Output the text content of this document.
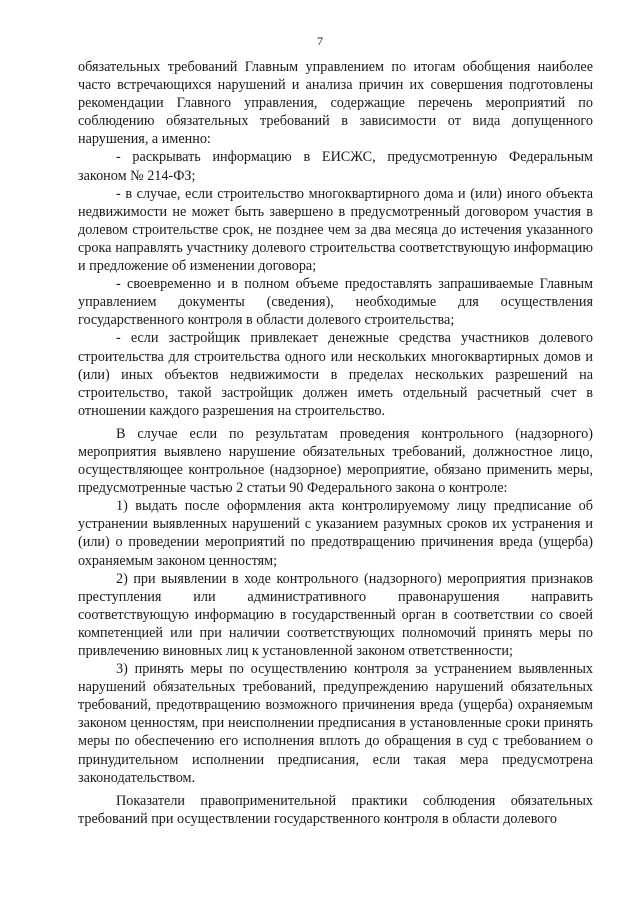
7

обязательных требований Главным управлением по итогам обобщения наиболее часто встречающихся нарушений и анализа причин их совершения подготовлены рекомендации Главного управления, содержащие перечень мероприятий по соблюдению обязательных требований в зависимости от вида допущенного нарушения, а именно:

- раскрывать информацию в ЕИСЖС, предусмотренную Федеральным законом № 214-ФЗ;

- в случае, если строительство многоквартирного дома и (или) иного объекта недвижимости не может быть завершено в предусмотренный договором участия в долевом строительстве срок, не позднее чем за два месяца до истечения указанного срока направлять участнику долевого строительства соответствующую информацию и предложение об изменении договора;

- своевременно и в полном объеме предоставлять запрашиваемые Главным управлением документы (сведения), необходимые для осуществления государственного контроля в области долевого строительства;

- если застройщик привлекает денежные средства участников долевого строительства для строительства одного или нескольких многоквартирных домов и (или) иных объектов недвижимости в пределах нескольких разрешений на строительство, такой застройщик должен иметь отдельный расчетный счет в отношении каждого разрешения на строительство.

В случае если по результатам проведения контрольного (надзорного) мероприятия выявлено нарушение обязательных требований, должностное лицо, осуществляющее контрольное (надзорное) мероприятие, обязано применить меры, предусмотренные частью 2 статьи 90 Федерального закона о контроле:

1) выдать после оформления акта контролируемому лицу предписание об устранении выявленных нарушений с указанием разумных сроков их устранения и (или) о проведении мероприятий по предотвращению причинения вреда (ущерба) охраняемым законом ценностям;

2) при выявлении в ходе контрольного (надзорного) мероприятия признаков преступления или административного правонарушения направить соответствующую информацию в государственный орган в соответствии со своей компетенцией или при наличии соответствующих полномочий принять меры по привлечению виновных лиц к установленной законом ответственности;

3) принять меры по осуществлению контроля за устранением выявленных нарушений обязательных требований, предупреждению нарушений обязательных требований, предотвращению возможного причинения вреда (ущерба) охраняемым законом ценностям, при неисполнении предписания в установленные сроки принять меры по обеспечению его исполнения вплоть до обращения в суд с требованием о принудительном исполнении предписания, если такая мера предусмотрена законодательством.

Показатели правоприменительной практики соблюдения обязательных требований при осуществлении государственного контроля в области долевого
